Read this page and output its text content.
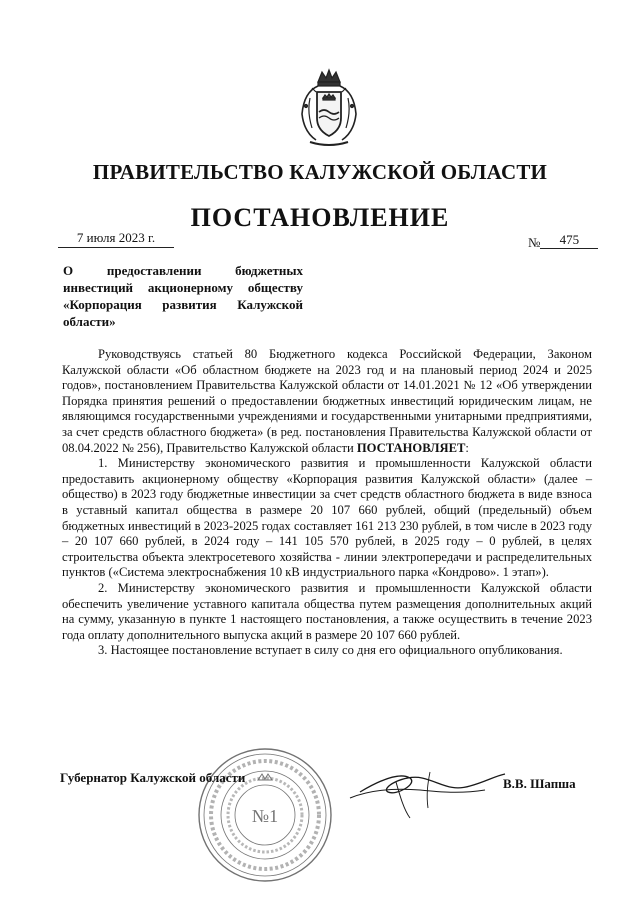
ПРАВИТЕЛЬСТВО КАЛУЖСКОЙ ОБЛАСТИ
ПОСТАНОВЛЕНИЕ
7 июля 2023 г.	№ 475
О предоставлении бюджетных инвестиций акционерному обществу «Корпорация развития Калужской области»

Руководствуясь статьей 80 Бюджетного кодекса Российской Федерации, Законом Калужской области «Об областном бюджете на 2023 год и на плановый период 2024 и 2025 годов», постановлением Правительства Калужской области от 14.01.2021 № 12 «Об утверждении Порядка принятия решений о предоставлении бюджетных инвестиций юридическим лицам, не являющимся государственными учреждениями и государственными унитарными предприятиями, за счет средств областного бюджета» (в ред. постановления Правительства Калужской области от 08.04.2022 № 256), Правительство Калужской области ПОСТАНОВЛЯЕТ:

1. Министерству экономического развития и промышленности Калужской области предоставить акционерному обществу «Корпорация развития Калужской области» (далее – общество) в 2023 году бюджетные инвестиции за счет средств областного бюджета в виде взноса в уставный капитал общества в размере 20 107 660 рублей, общий (предельный) объем бюджетных инвестиций в 2023-2025 годах составляет 161 213 230 рублей, в том числе в 2023 году – 20 107 660 рублей, в 2024 году – 141 105 570 рублей, в 2025 году – 0 рублей, в целях строительства объекта электросетевого хозяйства - линии электропередачи и распределительных пунктов («Система электроснабжения 10 кВ индустриального парка «Кондрово». 1 этап»).

2. Министерству экономического развития и промышленности Калужской области обеспечить увеличение уставного капитала общества путем размещения дополнительных акций на сумму, указанную в пункте 1 настоящего постановления, а также осуществить в течение 2023 года оплату дополнительного выпуска акций в размере 20 107 660 рублей.

3. Настоящее постановление вступает в силу со дня его официального опубликования.

№1
Губернатор Калужской области	В.В. Шапша
